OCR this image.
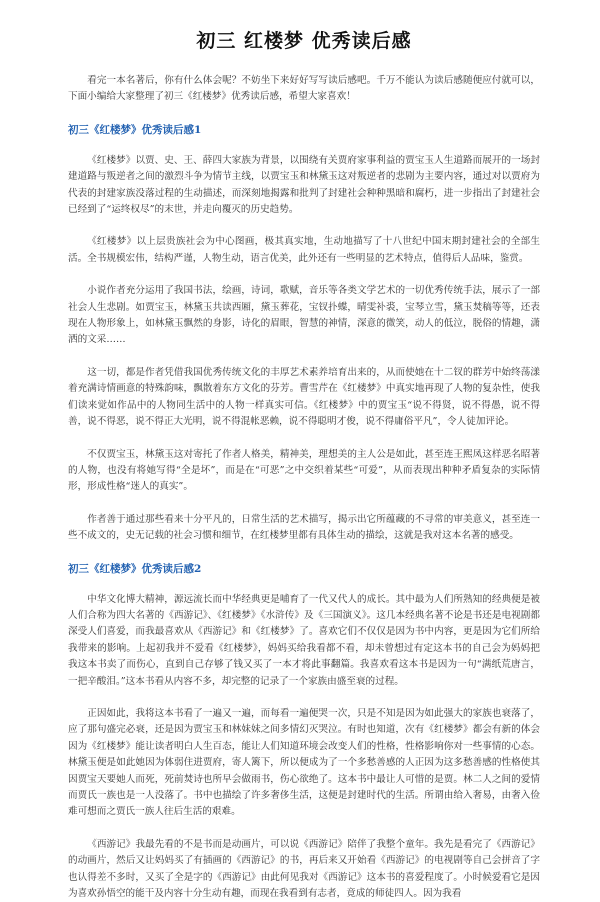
初三 红楼梦 优秀读后感

看完一本名著后，你有什么体会呢？不妨坐下来好好写写读后感吧。千万不能认为读后感随便应付就可以，下面小编给大家整理了初三《红楼梦》优秀读后感，希望大家喜欢！

初三《红楼梦》优秀读后感1

《红楼梦》以贾、史、王、薛四大家族为背景，以围绕有关贾府家事利益的贾宝玉人生道路而展开的一场封建道路与叛逆者之间的激烈斗争为情节主线，以贾宝玉和林黛玉这对叛逆者的悲剧为主要内容，通过对以贾府为代表的封建家族没落过程的生动描述，而深刻地揭露和批判了封建社会种种黑暗和腐朽，进一步指出了封建社会已经到了“运终权尽”的末世，并走向覆灭的历史趋势。

《红楼梦》以上层贵族社会为中心图画，极其真实地，生动地描写了十八世纪中国末期封建社会的全部生活。全书规模宏伟，结构严谨，人物生动，语言优美，此外还有一些明显的艺术特点，值得后人品味，鉴赏。

小说作者充分运用了我国书法，绘画，诗词，歌赋，音乐等各类文学艺术的一切优秀传统手法，展示了一部社会人生悲剧。如贾宝玉，林黛玉共读西厢，黛玉葬花，宝钗扑蝶，晴雯补裘，宝琴立雪，黛玉焚稿等等，还表现在人物形象上，如林黛玉飘然的身影，诗化的眉眼，智慧的神情，深意的微笑，动人的低泣，脱俗的情趣，潇洒的文采……

这一切，都是作者凭借我国优秀传统文化的丰厚艺术素养培育出来的，从而使她在十二钗的群芳中始终荡漾着充满诗情画意的特殊韵味，飘散着东方文化的芬芳。曹雪芹在《红楼梦》中真实地再现了人物的复杂性，使我们读来觉如作品中的人物同生活中的人物一样真实可信。《红楼梦》中的贾宝玉“说不得贤，说不得愚，说不得善，说不得恶，说不得正大光明，说不得混帐恶赖，说不得聪明才俊，说不得庸俗平凡”，令人徒加评论。

不仅贾宝玉，林黛玉这对寄托了作者人格美，精神美，理想美的主人公是如此，甚至连王熙凤这样恶名昭著的人物，也没有将她写得“全是坏”，而是在“可恶”之中交织着某些“可爱”，从而表现出种种矛盾复杂的实际情形，形成性格“迷人的真实”。

作者善于通过那些看来十分平凡的，日常生活的艺术描写，揭示出它所蕴藏的不寻常的审美意义，甚至连一些不成文的，史无记载的社会习惯和细节，在红楼梦里都有具体生动的描绘，这就是我对这本名著的感受。

初三《红楼梦》优秀读后感2

中华文化博大精神，源远流长而中华经典更是哺育了一代又代人的成长。其中最为人们所熟知的经典便是被人们合称为四大名著的《西游记》、《红楼梦》《水浒传》及《三国演义》。这几本经典名著不论是书还是电视剧都深受人们喜爱，而我最喜欢从《西游记》和《红楼梦》了。喜欢它们不仅仅是因为书中内容，更是因为它们所给我带来的影响。上起初我并不爱看《红楼梦》，妈妈买给我看都不看，却未曾想过有定这本书的自己会为妈妈把我这本书卖了而伤心，直到自己存够了钱又买了一本才将此事翻篇。我喜欢看这本书是因为一句“满纸荒唐言，一把辛酸泪。”这本书看从内容不多，却完整的记录了一个家族由盛至衰的过程。

正因如此，我将这本书看了一遍又一遍，而每看一遍便哭一次，只是不知是因为如此强大的家族也衰落了，应了那句盛完必衰，还是因为贾宝玉和林妹妹之间多情幻灭哭泣。有时也知道，次有《红楼梦》都会有新的体会因为《红楼梦》能让读者明白人生百态，能让人们知道环境会改变人们的性格，性格影响你对一些事情的心态。林黛玉便是如此她因为体弱住进贾府，寄人篱下，所以便成为了一个多愁善感的人正因为这多愁善感的性格使其因贾宝天要她人而死，死前焚诗也所早会做雨书，伤心欲绝了。这本书中最让人可惜的是贾。林二人之间的爱情而贾氏一族也是一人没落了。书中也描绘了许多奢侈生活，这便是封建时代的生活。所谓由给入奢易，由奢入俭难可想而之贾氏一族人往后生活的艰难。

《西游记》我最先看的不是书而是动画片，可以说《西游记》陪伴了我整个童年。我先是看完了《西游记》的动画片，然后又让妈妈买了有插画的《西游记》的书，再后来又开始看《西游记》的电视剧等自己会拼音了字也认得差不多时，又买了全是字的《西游记》由此何见我对《西游记》这本书的喜爱程度了。小时候爱看它是因为喜欢孙悟空的能干及内容十分生动有趣，而现在我看到有志者，竟成的师徒四人。因为我看
